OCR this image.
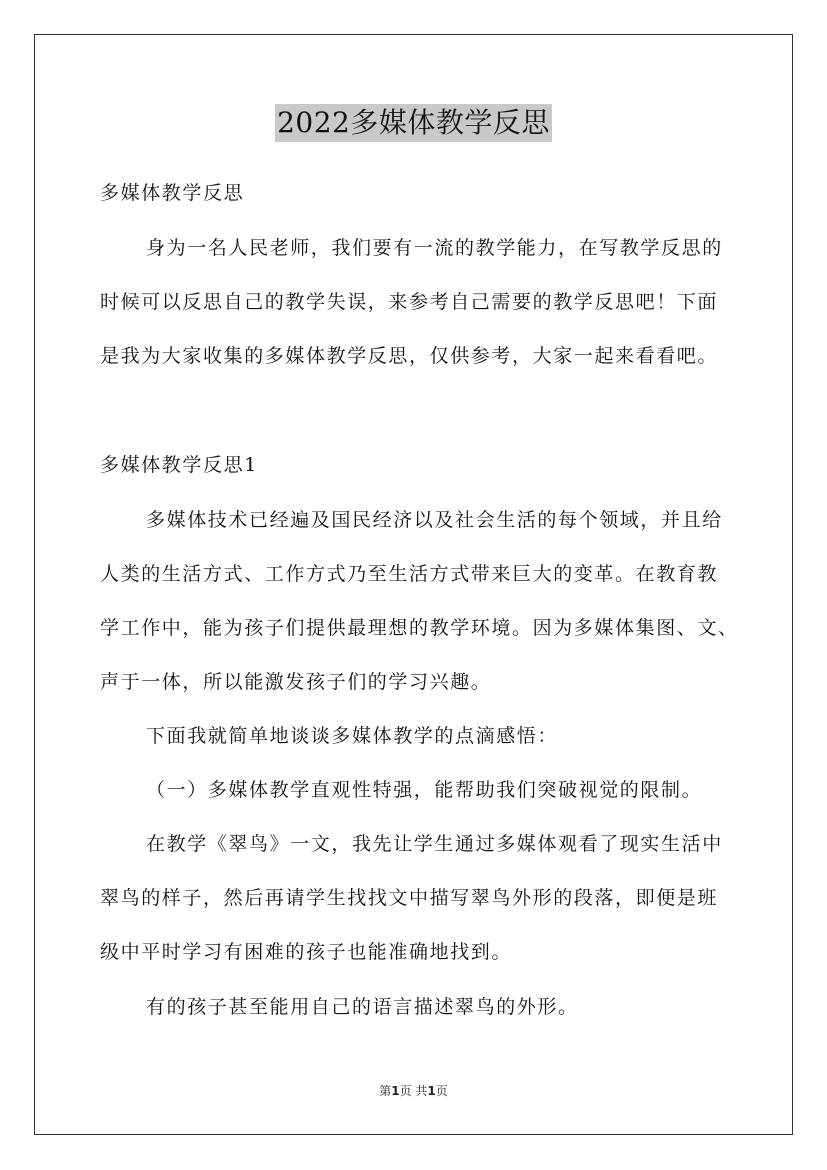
2022多媒体教学反思
多媒体教学反思
身为一名人民老师，我们要有一流的教学能力，在写教学反思的
时候可以反思自己的教学失误，来参考自己需要的教学反思吧！下面
是我为大家收集的多媒体教学反思，仅供参考，大家一起来看看吧。
多媒体教学反思1
多媒体技术已经遍及国民经济以及社会生活的每个领域，并且给
人类的生活方式、工作方式乃至生活方式带来巨大的变革。在教育教
学工作中，能为孩子们提供最理想的教学环境。因为多媒体集图、文、
声于一体，所以能激发孩子们的学习兴趣。
下面我就简单地谈谈多媒体教学的点滴感悟：
（一）多媒体教学直观性特强，能帮助我们突破视觉的限制。
在教学《翠鸟》一文，我先让学生通过多媒体观看了现实生活中
翠鸟的样子，然后再请学生找找文中描写翠鸟外形的段落，即便是班
级中平时学习有困难的孩子也能准确地找到。
有的孩子甚至能用自己的语言描述翠鸟的外形。
第1页 共1页
